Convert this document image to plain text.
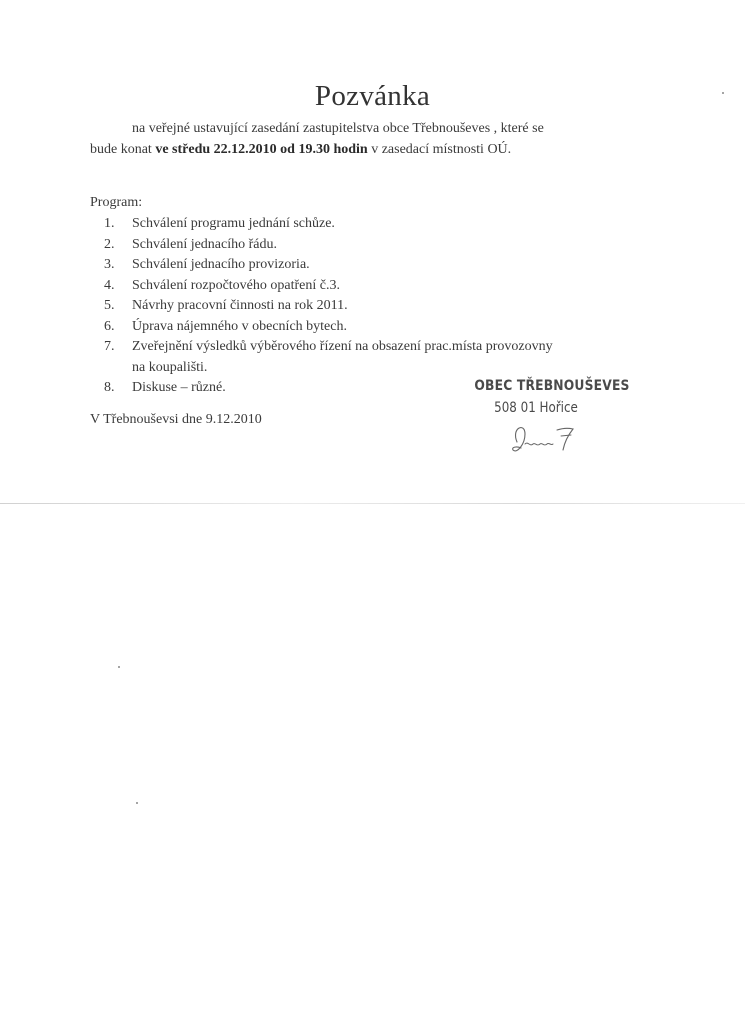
Pozvánka
na veřejné ustavující zasedání zastupitelstva obce Třebnouševes , které se
bude konat ve středu 22.12.2010 od 19.30 hodin v zasedací místnosti OÚ.
Program:
1.	Schválení programu jednání schůze.
2.	Schválení jednacího řádu.
3.	Schválení jednacího provizoria.
4.	Schválení rozpočtového opatření č.3.
5.	Návrhy pracovní činnosti na rok 2011.
6.	Úprava nájemného v obecních bytech.
7.	Zveřejnění výsledků výběrového řízení na obsazení prac.místa provozovny na koupališti.
8.	Diskuse – různé.
V Třebnouševsi dne 9.12.2010
OBEC TŘEBNOUŠEVES
508 01 Hořice
